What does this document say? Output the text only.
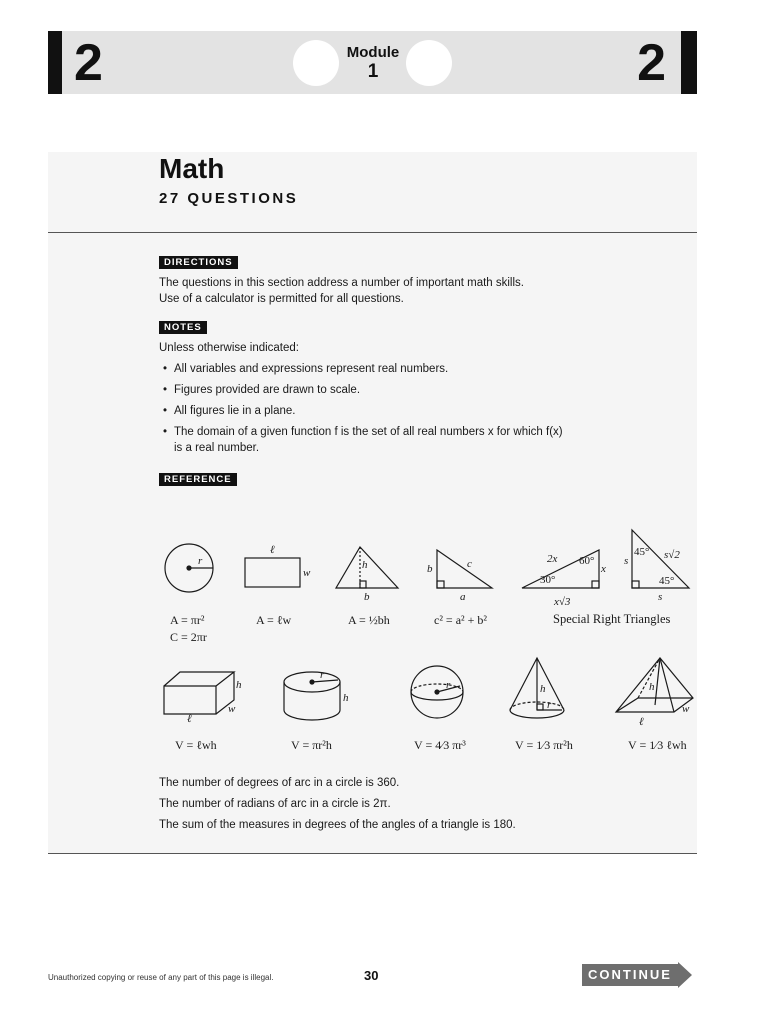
2	Module
1	2
Math
27 QUESTIONS
DIRECTIONS
The questions in this section address a number of important math skills.
Use of a calculator is permitted for all questions.
NOTES
Unless otherwise indicated:
• All variables and expressions represent real numbers.
• Figures provided are drawn to scale.
• All figures lie in a plane.
• The domain of a given function f is the set of all real numbers x for which f(x)
is a real number.
REFERENCE
r
ℓ
w
h
b
b	c
a
2x 60°
x
30°
x√3
45°
45°
s	s√2
s
h
w
ℓ
r
h
r	h
r
h
w
ℓ
A = πr²
C = 2πr
A = ℓw	A = ½bh	c² = a² + b²	Special Right Triangles
V = ℓwh	V = πr²h	V = 4⁄3 πr³	V = 1⁄3 πr²h	V = 1⁄3 ℓwh
The number of degrees of arc in a circle is 360.
The number of radians of arc in a circle is 2π.
The sum of the measures in degrees of the angles of a triangle is 180.
Unauthorized copying or reuse of any part of this page is illegal.	30	CONTINUE
